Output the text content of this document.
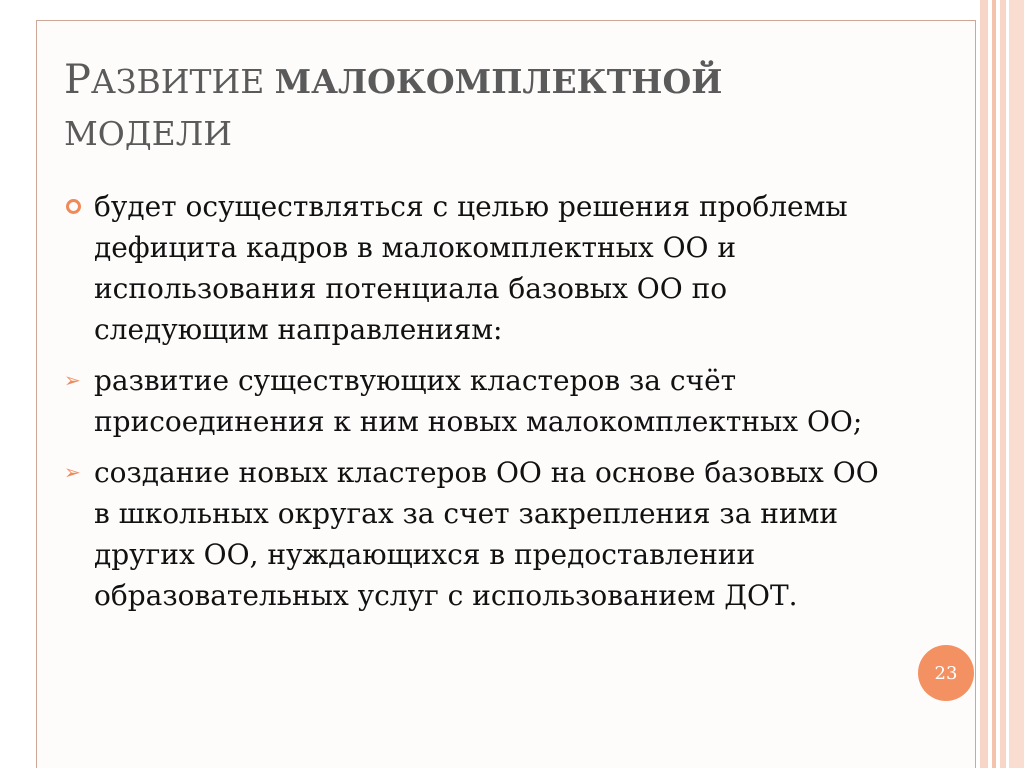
РАЗВИТИЕ МАЛОКОМПЛЕКТНОЙ
МОДЕЛИ
будет осуществляться с целью решения проблемы дефицита кадров в малокомплектных ОО и использования потенциала базовых ОО по следующим направлениям:
➢ развитие существующих кластеров за счёт присоединения к ним новых малокомплектных ОО;
➢ создание новых кластеров ОО на основе базовых ОО в школьных округах за счет закрепления за ними других ОО, нуждающихся в предоставлении образовательных услуг с использованием ДОТ.
23
